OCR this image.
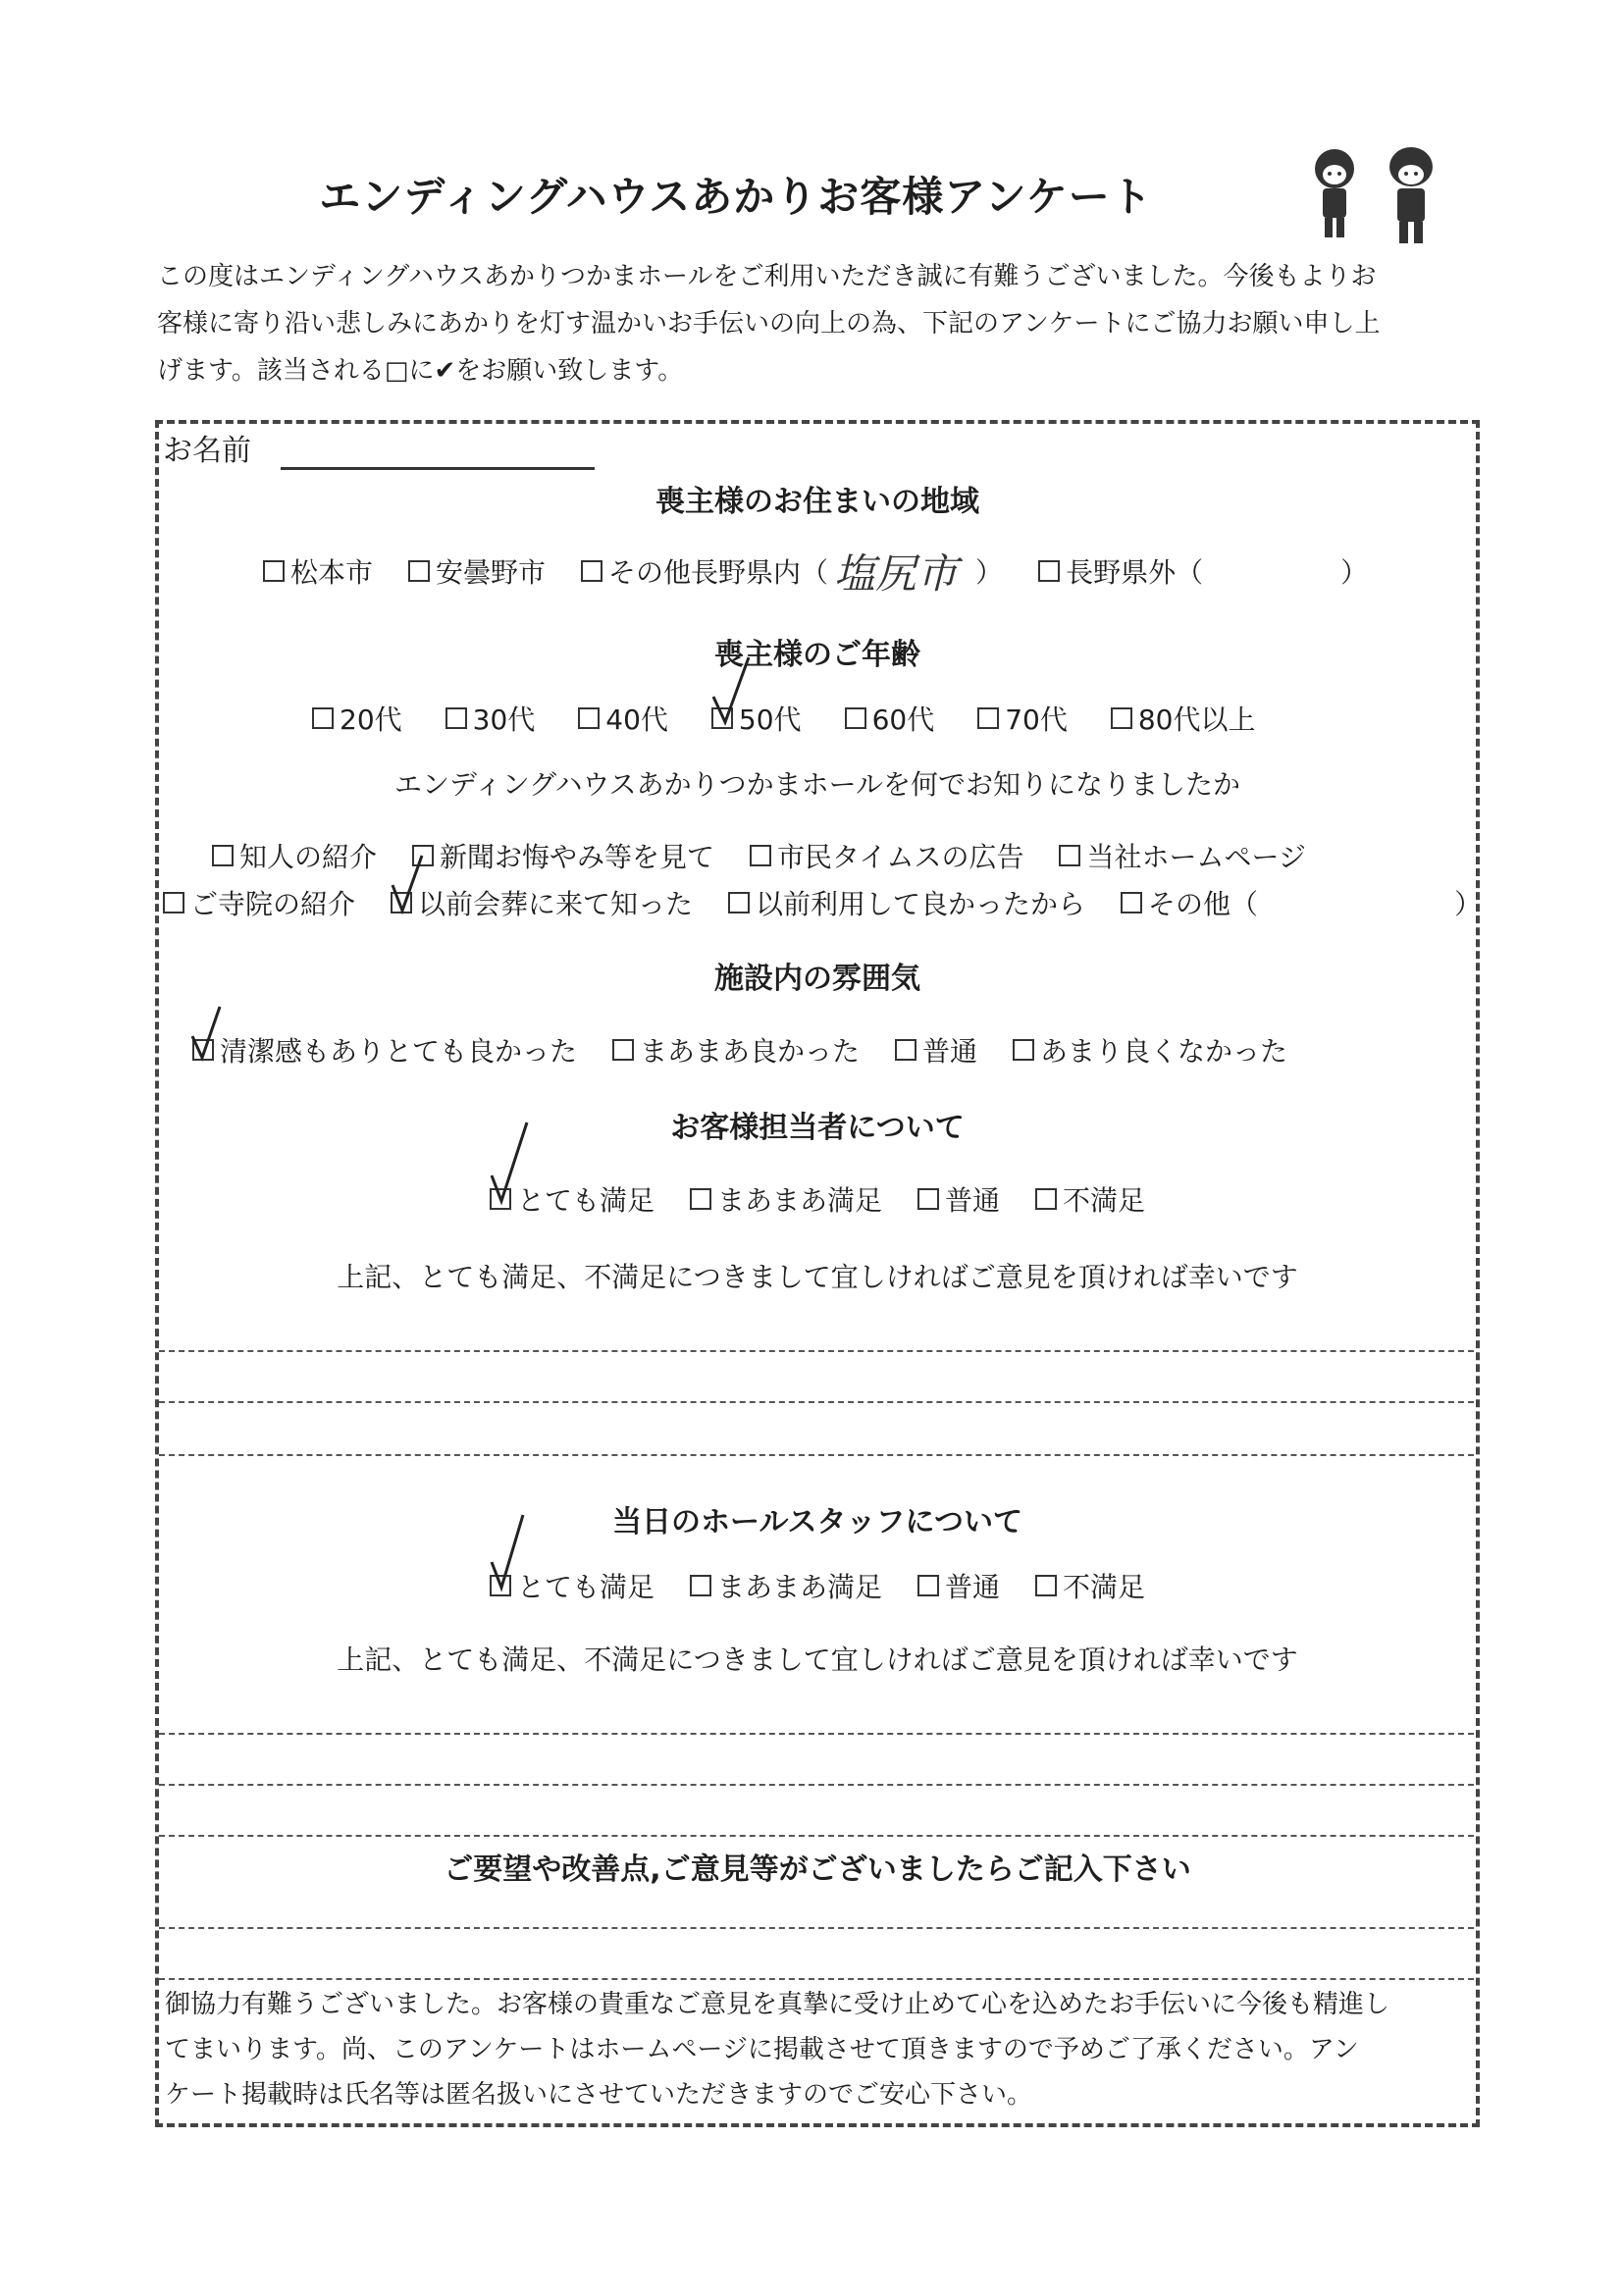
エンディングハウスあかりお客様アンケート
この度はエンディングハウスあかりつかまホールをご利用いただき誠に有難うございました。今後もよりお
客様に寄り沿い悲しみにあかりを灯す温かいお手伝いの向上の為、下記のアンケートにご協力お願い申し上
げます。該当される□に✔をお願い致します。
お名前
喪主様のお住まいの地域
松本市 安曇野市 その他長野県内（ 塩尻市 ） 長野県外（	）
喪主様のご年齢
20代	30代	40代	50代	60代	70代	80代以上
エンディングハウスあかりつかまホールを何でお知りになりましたか
知人の紹介 新聞お悔やみ等を見て 市民タイムスの広告 当社ホームページ
ご寺院の紹介 以前会葬に来て知った 以前利用して良かったから その他（	）
施設内の雰囲気
清潔感もありとても良かった まあまあ良かった 普通 あまり良くなかった
お客様担当者について
とても満足 まあまあ満足 普通 不満足
上記、とても満足、不満足につきまして宜しければご意見を頂ければ幸いです
当日のホールスタッフについて
とても満足 まあまあ満足 普通 不満足
上記、とても満足、不満足につきまして宜しければご意見を頂ければ幸いです
ご要望や改善点,ご意見等がございましたらご記入下さい
御協力有難うございました。お客様の貴重なご意見を真摯に受け止めて心を込めたお手伝いに今後も精進し
てまいります。尚、このアンケートはホームページに掲載させて頂きますので予めご了承ください。アン
ケート掲載時は氏名等は匿名扱いにさせていただきますのでご安心下さい。
